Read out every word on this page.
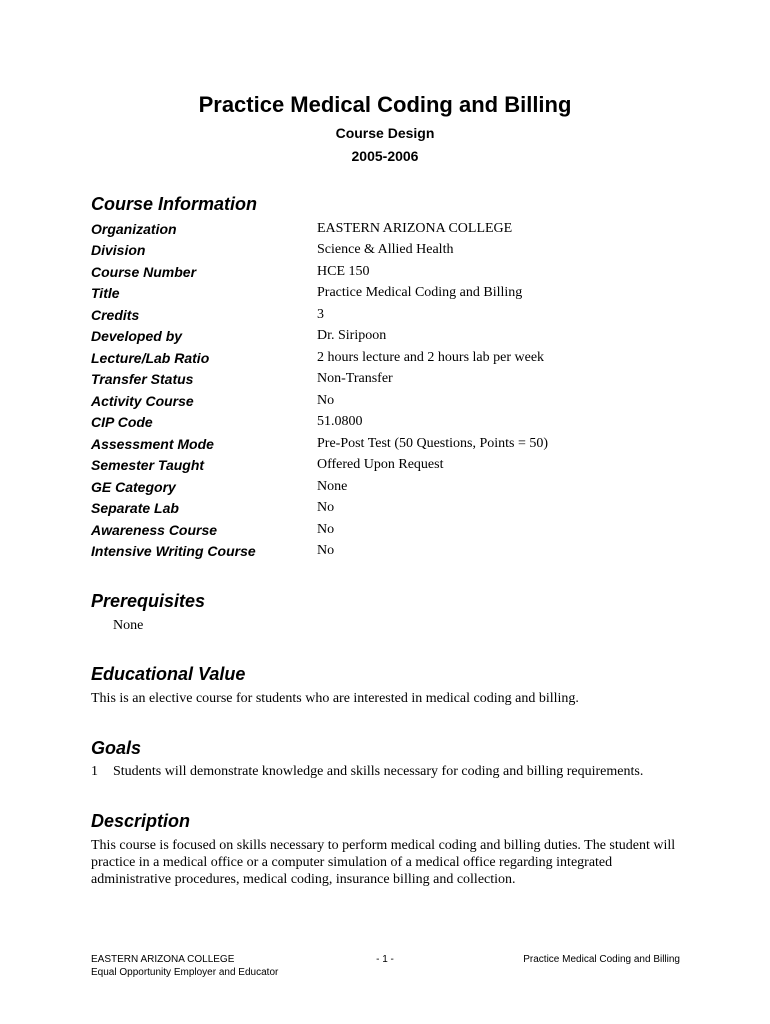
Practice Medical Coding and Billing
Course Design
2005-2006
Course Information
Organization	EASTERN ARIZONA COLLEGE
Division	Science & Allied Health
Course Number	HCE 150
Title	Practice Medical Coding and Billing
Credits	3
Developed by	Dr. Siripoon
Lecture/Lab Ratio	2 hours lecture and 2 hours lab per week
Transfer Status	Non-Transfer
Activity Course	No
CIP Code	51.0800
Assessment Mode	Pre-Post Test (50 Questions, Points = 50)
Semester Taught	Offered Upon Request
GE Category	None
Separate Lab	No
Awareness Course	No
Intensive Writing Course	No
Prerequisites
None
Educational Value
This is an elective course for students who are interested in medical coding and billing.
Goals
1 Students will demonstrate knowledge and skills necessary for coding and billing requirements.
Description
This course is focused on skills necessary to perform medical coding and billing duties. The student will
practice in a medical office or a computer simulation of a medical office regarding integrated
administrative procedures, medical coding, insurance billing and collection.
EASTERN ARIZONA COLLEGE
Equal Opportunity Employer and Educator
- 1 -	Practice Medical Coding and Billing
